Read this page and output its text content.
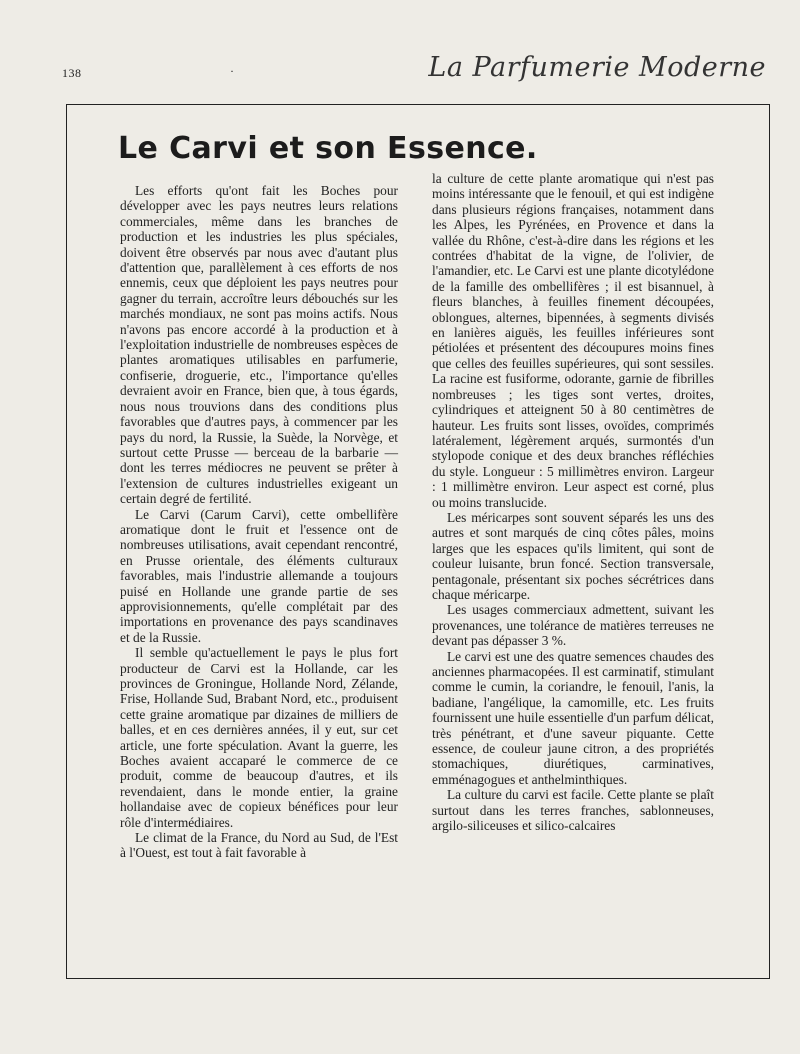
138	·	La Parfumerie Moderne
Le Carvi et son Essence.

Les efforts qu'ont fait les Boches pour développer avec les pays neutres leurs relations commerciales, même dans les branches de production et les industries les plus spéciales, doivent être observés par nous avec d'autant plus d'attention que, parallèlement à ces efforts de nos ennemis, ceux que déploient les pays neutres pour gagner du terrain, accroître leurs débouchés sur les marchés mondiaux, ne sont pas moins actifs. Nous n'avons pas encore accordé à la production et à l'exploitation industrielle de nombreuses espèces de plantes aromatiques utilisables en parfumerie, confiserie, droguerie, etc., l'importance qu'elles devraient avoir en France, bien que, à tous égards, nous nous trouvions dans des conditions plus favorables que d'autres pays, à commencer par les pays du nord, la Russie, la Suède, la Norvège, et surtout cette Prusse — berceau de la barbarie — dont les terres médiocres ne peuvent se prêter à l'extension de cultures industrielles exigeant un certain degré de fertilité.

Le Carvi (Carum Carvi), cette ombellifère aromatique dont le fruit et l'essence ont de nombreuses utilisations, avait cependant rencontré, en Prusse orientale, des éléments culturaux favorables, mais l'industrie allemande a toujours puisé en Hollande une grande partie de ses approvisionnements, qu'elle complétait par des importations en provenance des pays scandinaves et de la Russie.

Il semble qu'actuellement le pays le plus fort producteur de Carvi est la Hollande, car les provinces de Groningue, Hollande Nord, Zélande, Frise, Hollande Sud, Brabant Nord, etc., produisent cette graine aromatique par dizaines de milliers de balles, et en ces dernières années, il y eut, sur cet article, une forte spéculation. Avant la guerre, les Boches avaient accaparé le commerce de ce produit, comme de beaucoup d'autres, et ils revendaient, dans le monde entier, la graine hollandaise avec de copieux bénéfices pour leur rôle d'intermédiaires.

Le climat de la France, du Nord au Sud, de l'Est à l'Ouest, est tout à fait favorable à

la culture de cette plante aromatique qui n'est pas moins intéressante que le fenouil, et qui est indigène dans plusieurs régions françaises, notamment dans les Alpes, les Pyrénées, en Provence et dans la vallée du Rhône, c'est-à-dire dans les régions et les contrées d'habitat de la vigne, de l'olivier, de l'amandier, etc. Le Carvi est une plante dicotylédone de la famille des ombellifères ; il est bisannuel, à fleurs blanches, à feuilles finement découpées, oblongues, alternes, bipennées, à segments divisés en lanières aiguës, les feuilles inférieures sont pétiolées et présentent des découpures moins fines que celles des feuilles supérieures, qui sont sessiles. La racine est fusiforme, odorante, garnie de fibrilles nombreuses ; les tiges sont vertes, droites, cylindriques et atteignent 50 à 80 centimètres de hauteur. Les fruits sont lisses, ovoïdes, comprimés latéralement, légèrement arqués, surmontés d'un stylopode conique et des deux branches réfléchies du style. Longueur : 5 millimètres environ. Largeur : 1 millimètre environ. Leur aspect est corné, plus ou moins translucide.

Les méricarpes sont souvent séparés les uns des autres et sont marqués de cinq côtes pâles, moins larges que les espaces qu'ils limitent, qui sont de couleur luisante, brun foncé. Section transversale, pentagonale, présentant six poches sécrétrices dans chaque méricarpe.

Les usages commerciaux admettent, suivant les provenances, une tolérance de matières terreuses ne devant pas dépasser 3 %.

Le carvi est une des quatre semences chaudes des anciennes pharmacopées. Il est carminatif, stimulant comme le cumin, la coriandre, le fenouil, l'anis, la badiane, l'angélique, la camomille, etc. Les fruits fournissent une huile essentielle d'un parfum délicat, très pénétrant, et d'une saveur piquante. Cette essence, de couleur jaune citron, a des propriétés stomachiques, diurétiques, carminatives, emménagogues et anthelminthiques.

La culture du carvi est facile. Cette plante se plaît surtout dans les terres franches, sablonneuses, argilo-siliceuses et silico-calcaires
